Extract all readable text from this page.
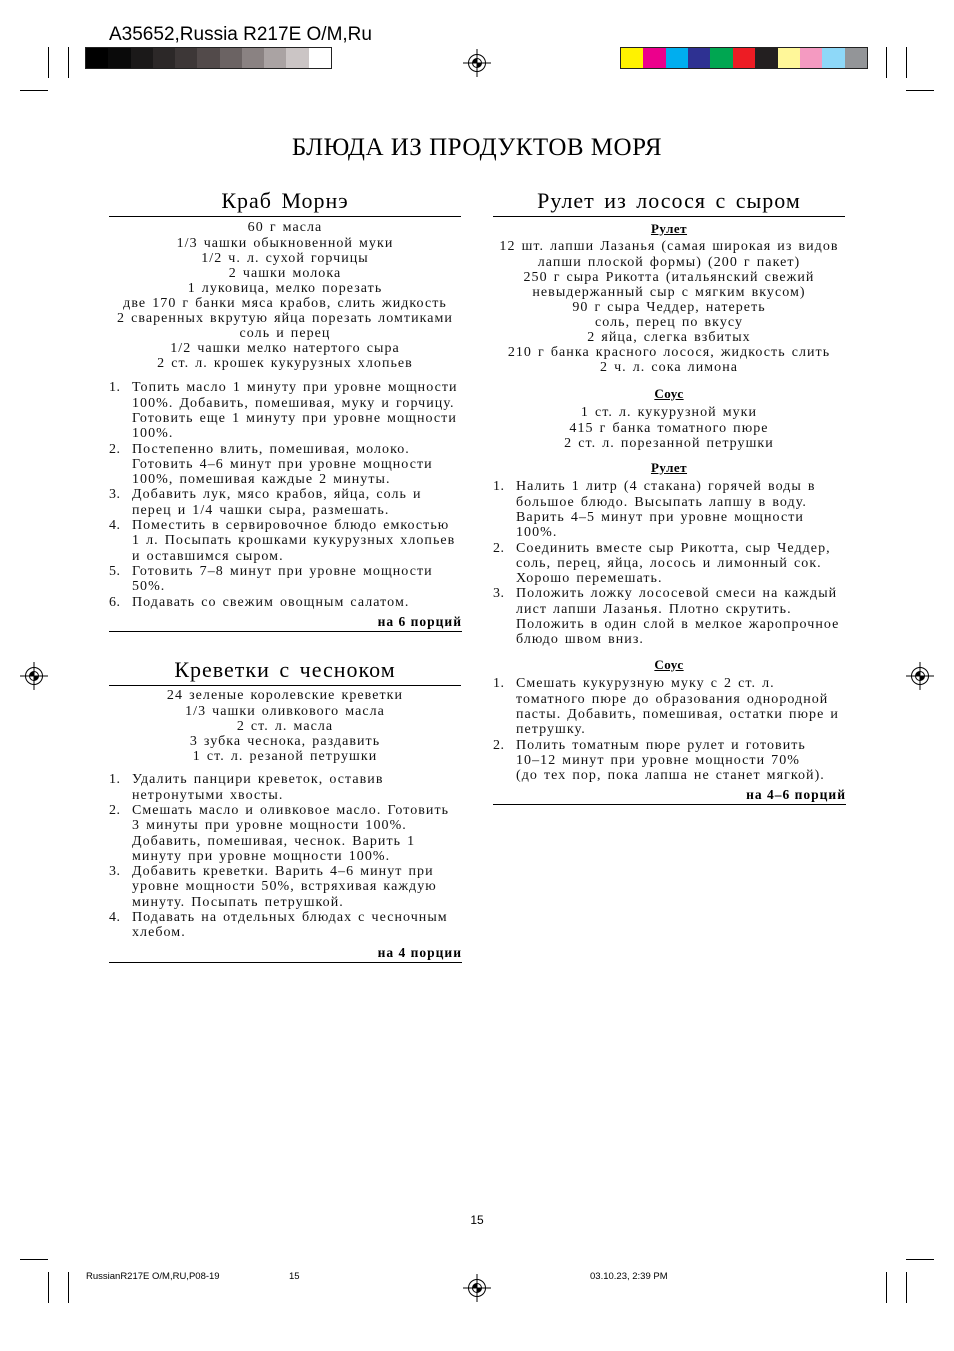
A35652,Russia R217E O/M,Ru
БЛЮДА ИЗ ПРОДУКТОВ МОРЯ
Краб Морнэ
60 г масла
1/3 чашки обыкновенной муки
1/2 ч. л. сухой горчицы
2 чашки молока
1 луковица, мелко порезать
две 170 г банки мяса крабов, слить жидкость
2 сваренных вкрутую яйца порезать ломтиками
соль и перец
1/2 чашки мелко натертого сыра
2 ст. л. крошек кукурузных хлопьев
1. Топить масло 1 минуту при уровне мощности
100%. Добавить, помешивая, муку и горчицу.
Готовить еще 1 минуту при уровне мощности
100%.
2. Постепенно влить, помешивая, молоко.
Готовить 4–6 минут при уровне мощности
100%, помешивая каждые 2 минуты.
3. Добавить лук, мясо крабов, яйца, соль и
перец и 1/4 чашки сыра, размешать.
4. Поместить в сервировочное блюдо емкостью
1 л. Посыпать крошками кукурузных хлопьев
и оставшимся сыром.
5. Готовить 7–8 минут при уровне мощности
50%.
6. Подавать со свежим овощным салатом.
на 6 порций
Креветки с чесноком
24 зеленые королевские креветки
1/3 чашки оливкового масла
2 ст. л. масла
3 зубка чеснока, раздавить
1 ст. л. резаной петрушки
1. Удалить панцири креветок, оставив
нетронутыми хвосты.
2. Смешать масло и оливковое масло. Готовить
3 минуты при уровне мощности 100%.
Добавить, помешивая, чеснок. Варить 1
минуту при уровне мощности 100%.
3. Добавить креветки. Варить 4–6 минут при
уровне мощности 50%, встряхивая каждую
минуту. Посыпать петрушкой.
4. Подавать на отдельных блюдах с чесночным
хлебом.
на 4 порции
Рулет из лосося с сыром
Рулет
12 шт. лапши Лазанья (самая широкая из видов
лапши плоской формы) (200 г пакет)
250 г сыра Рикотта (итальянский свежий
невыдержанный сыр с мягким вкусом)
90 г сыра Чеддер, натереть
соль, перец по вкусу
2 яйца, слегка взбитых
210 г банка красного лосося, жидкость слить
2 ч. л. сока лимона
Соус
1 ст. л. кукурузной муки
415 г банка томатного пюре
2 ст. л. порезанной петрушки
Рулет
1. Налить 1 литр (4 стакана) горячей воды в
большое блюдо. Высыпать лапшу в воду.
Варить 4–5 минут при уровне мощности
100%.
2. Соединить вместе сыр Рикотта, сыр Чеддер,
соль, перец, яйца, лосось и лимонный сок.
Хорошо перемешать.
3. Положить ложку лососевой смеси на каждый
лист лапши Лазанья. Плотно скрутить.
Положить в один слой в мелкое жаропрочное
блюдо швом вниз.
Соус
1. Смешать кукурузную муку с 2 ст. л.
томатного пюре до образования однородной
пасты. Добавить, помешивая, остатки пюре и
петрушку.
2. Полить томатным пюре рулет и готовить
10–12 минут при уровне мощности 70%
(до тех пор, пока лапша не станет мягкой).
на 4–6 порций
15
RussianR217E O/M,RU,P08-19	15	03.10.23, 2:39 PM
